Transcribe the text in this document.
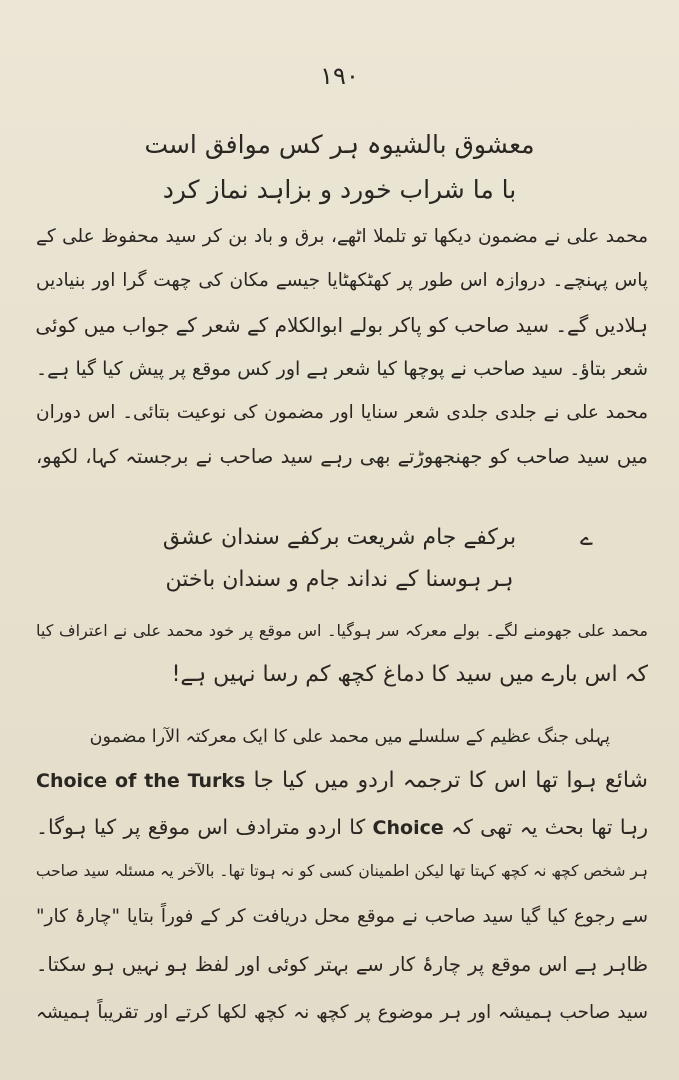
۱۹۰
معشوق بالشیوہ ہر کس موافق است
با ما شراب خورد و بزاہد نماز کرد
محمد علی نے مضمون دیکھا تو تلملا اٹھے، برق و باد بن کر سید محفوظ علی کے
پاس پہنچے۔ دروازہ اس طور پر کھٹکھٹایا جیسے مکان کی چھت گرا اور بنیادیں
ہلادیں گے۔ سید صاحب کو پاکر بولے ابوالکلام کے شعر کے جواب میں کوئی
شعر بتاؤ۔ سید صاحب نے پوچھا کیا شعر ہے اور کس موقع پر پیش کیا گیا ہے۔
محمد علی نے جلدی جلدی شعر سنایا اور مضمون کی نوعیت بتائی۔ اس دوران
میں سید صاحب کو جھنجھوڑتے بھی رہے سید صاحب نے برجستہ کہا، لکھو،
ے
برکفے جام شریعت برکفے سندان عشق
ہر ہوسنا کے نداند جام و سندان باختن
محمد علی جھومنے لگے۔ بولے معرکہ سر ہوگیا۔ اس موقع پر خود محمد علی نے اعتراف کیا
کہ اس بارے میں سید کا دماغ کچھ کم رسا نہیں ہے!
پہلی جنگ عظیم کے سلسلے میں محمد علی کا ایک معرکتہ الآرا مضمون
شائع ہوا تھا اس کا ترجمہ اردو میں کیا جا Choice of the Turks
رہا تھا بحث یہ تھی کہ Choice کا اردو مترادف اس موقع پر کیا ہوگا۔
ہر شخص کچھ نہ کچھ کہتا تھا لیکن اطمینان کسی کو نہ ہوتا تھا۔ بالآخر یہ مسئلہ سید صاحب
سے رجوع کیا گیا سید صاحب نے موقع محل دریافت کر کے فوراً بتایا "چارۂ کار"
ظاہر ہے اس موقع پر چارۂ کار سے بہتر کوئی اور لفظ ہو نہیں ہو سکتا۔
سید صاحب ہمیشہ اور ہر موضوع پر کچھ نہ کچھ لکھا کرتے اور تقریباً ہمیشہ
